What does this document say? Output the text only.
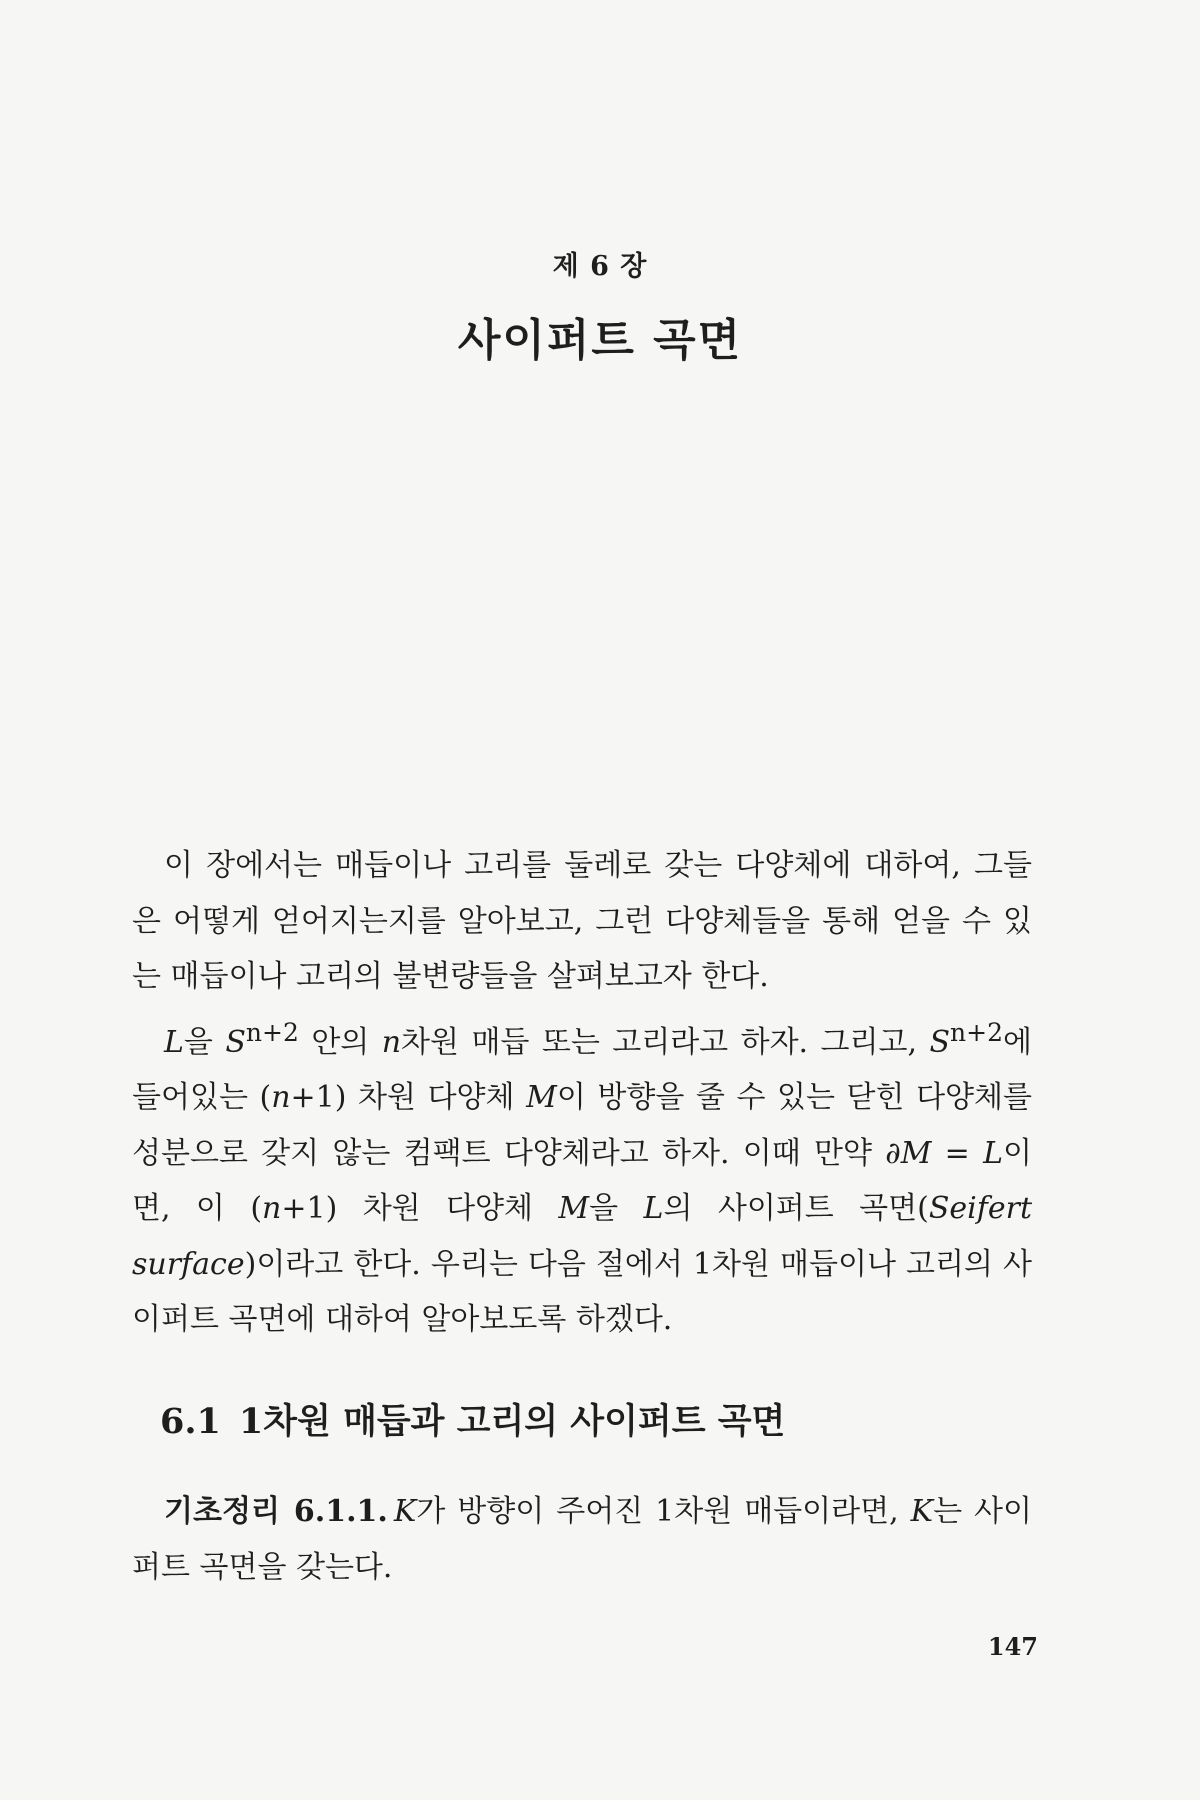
제 6 장
사이퍼트 곡면

이 장에서는 매듭이나 고리를 둘레로 갖는 다양체에 대하여, 그들은 어떻게 얻어지는지를 알아보고, 그런 다양체들을 통해 얻을 수 있는 매듭이나 고리의 불변량들을 살펴보고자 한다.

L을 $S^{n+2}$ 안의 n차원 매듭 또는 고리라고 하자. 그리고, $S^{n+2}$에 들어있는 (n+1) 차원 다양체 M이 방향을 줄 수 있는 닫힌 다양체를 성분으로 갖지 않는 컴팩트 다양체라고 하자. 이때 만약 ∂M = L이면, 이 (n+1) 차원 다양체 M을 L의 사이퍼트 곡면(Seifert surface)이라고 한다. 우리는 다음 절에서 1차원 매듭이나 고리의 사이퍼트 곡면에 대하여 알아보도록 하겠다.

6.1 1차원 매듭과 고리의 사이퍼트 곡면

기초정리 6.1.1. K가 방향이 주어진 1차원 매듭이라면, K는 사이퍼트 곡면을 갖는다.

147
